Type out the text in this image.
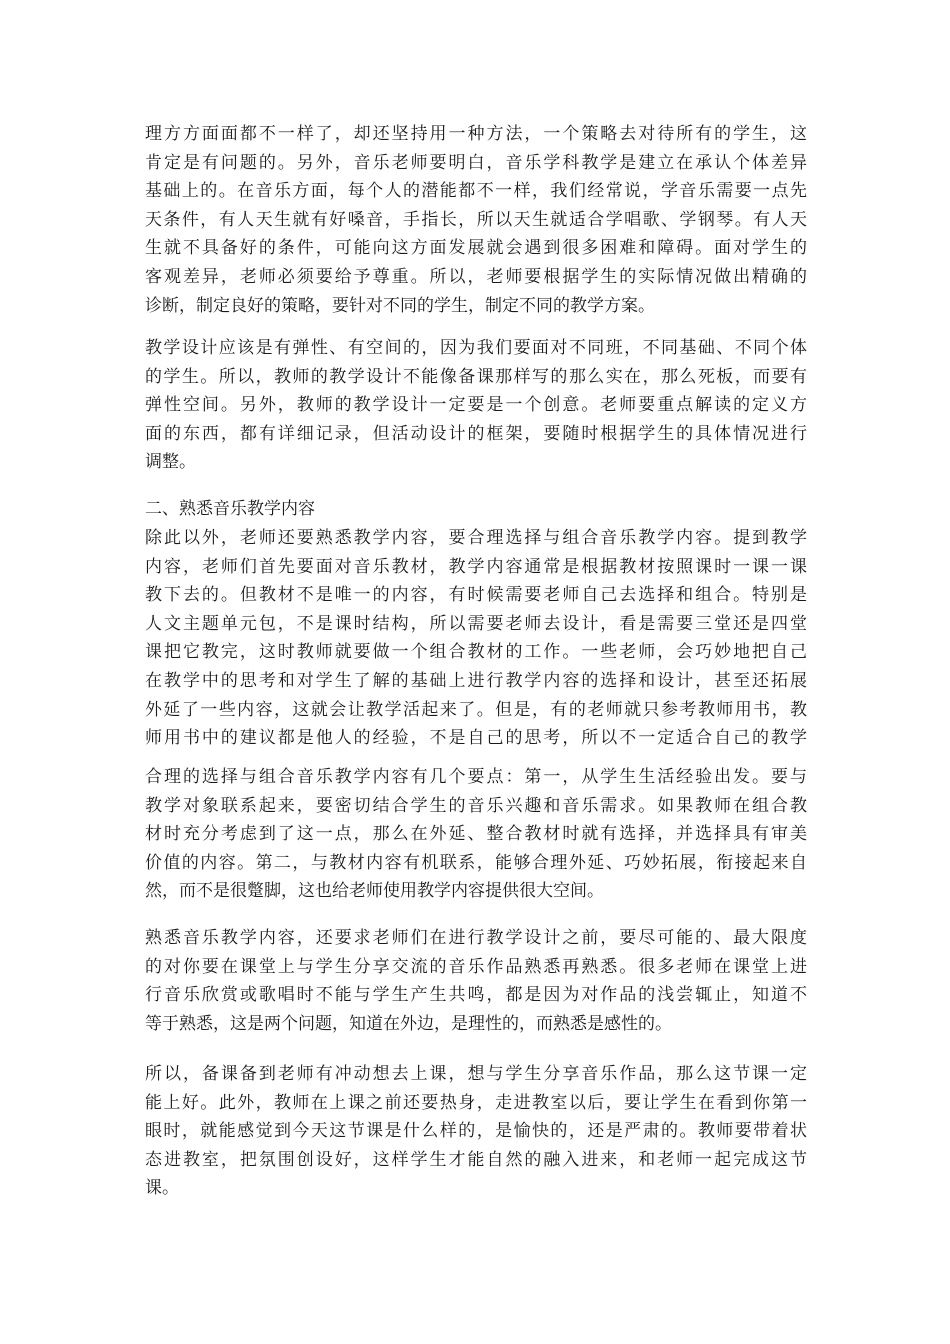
理方方面面都不一样了，却还坚持用一种方法，一个策略去对待所有的学生，这
肯定是有问题的。另外，音乐老师要明白，音乐学科教学是建立在承认个体差异
基础上的。在音乐方面，每个人的潜能都不一样，我们经常说，学音乐需要一点先
天条件，有人天生就有好嗓音，手指长，所以天生就适合学唱歌、学钢琴。有人天
生就不具备好的条件，可能向这方面发展就会遇到很多困难和障碍。面对学生的
客观差异，老师必须要给予尊重。所以，老师要根据学生的实际情况做出精确的
诊断，制定良好的策略，要针对不同的学生，制定不同的教学方案。
教学设计应该是有弹性、有空间的，因为我们要面对不同班，不同基础、不同个体
的学生。所以，教师的教学设计不能像备课那样写的那么实在，那么死板，而要有
弹性空间。另外，教师的教学设计一定要是一个创意。老师要重点解读的定义方
面的东西，都有详细记录，但活动设计的框架，要随时根据学生的具体情况进行
调整。
二、熟悉音乐教学内容
除此以外，老师还要熟悉教学内容，要合理选择与组合音乐教学内容。提到教学
内容，老师们首先要面对音乐教材，教学内容通常是根据教材按照课时一课一课
教下去的。但教材不是唯一的内容，有时候需要老师自己去选择和组合。特别是
人文主题单元包，不是课时结构，所以需要老师去设计，看是需要三堂还是四堂
课把它教完，这时教师就要做一个组合教材的工作。一些老师，会巧妙地把自己
在教学中的思考和对学生了解的基础上进行教学内容的选择和设计，甚至还拓展
外延了一些内容，这就会让教学活起来了。但是，有的老师就只参考教师用书，教
师用书中的建议都是他人的经验，不是自己的思考，所以不一定适合自己的教学
合理的选择与组合音乐教学内容有几个要点：第一，从学生生活经验出发。要与
教学对象联系起来，要密切结合学生的音乐兴趣和音乐需求。如果教师在组合教
材时充分考虑到了这一点，那么在外延、整合教材时就有选择，并选择具有审美
价值的内容。第二，与教材内容有机联系，能够合理外延、巧妙拓展，衔接起来自
然，而不是很蹩脚，这也给老师使用教学内容提供很大空间。
熟悉音乐教学内容，还要求老师们在进行教学设计之前，要尽可能的、最大限度
的对你要在课堂上与学生分享交流的音乐作品熟悉再熟悉。很多老师在课堂上进
行音乐欣赏或歌唱时不能与学生产生共鸣，都是因为对作品的浅尝辄止，知道不
等于熟悉，这是两个问题，知道在外边，是理性的，而熟悉是感性的。
所以，备课备到老师有冲动想去上课，想与学生分享音乐作品，那么这节课一定
能上好。此外，教师在上课之前还要热身，走进教室以后，要让学生在看到你第一
眼时，就能感觉到今天这节课是什么样的，是愉快的，还是严肃的。教师要带着状
态进教室，把氛围创设好，这样学生才能自然的融入进来，和老师一起完成这节
课。
